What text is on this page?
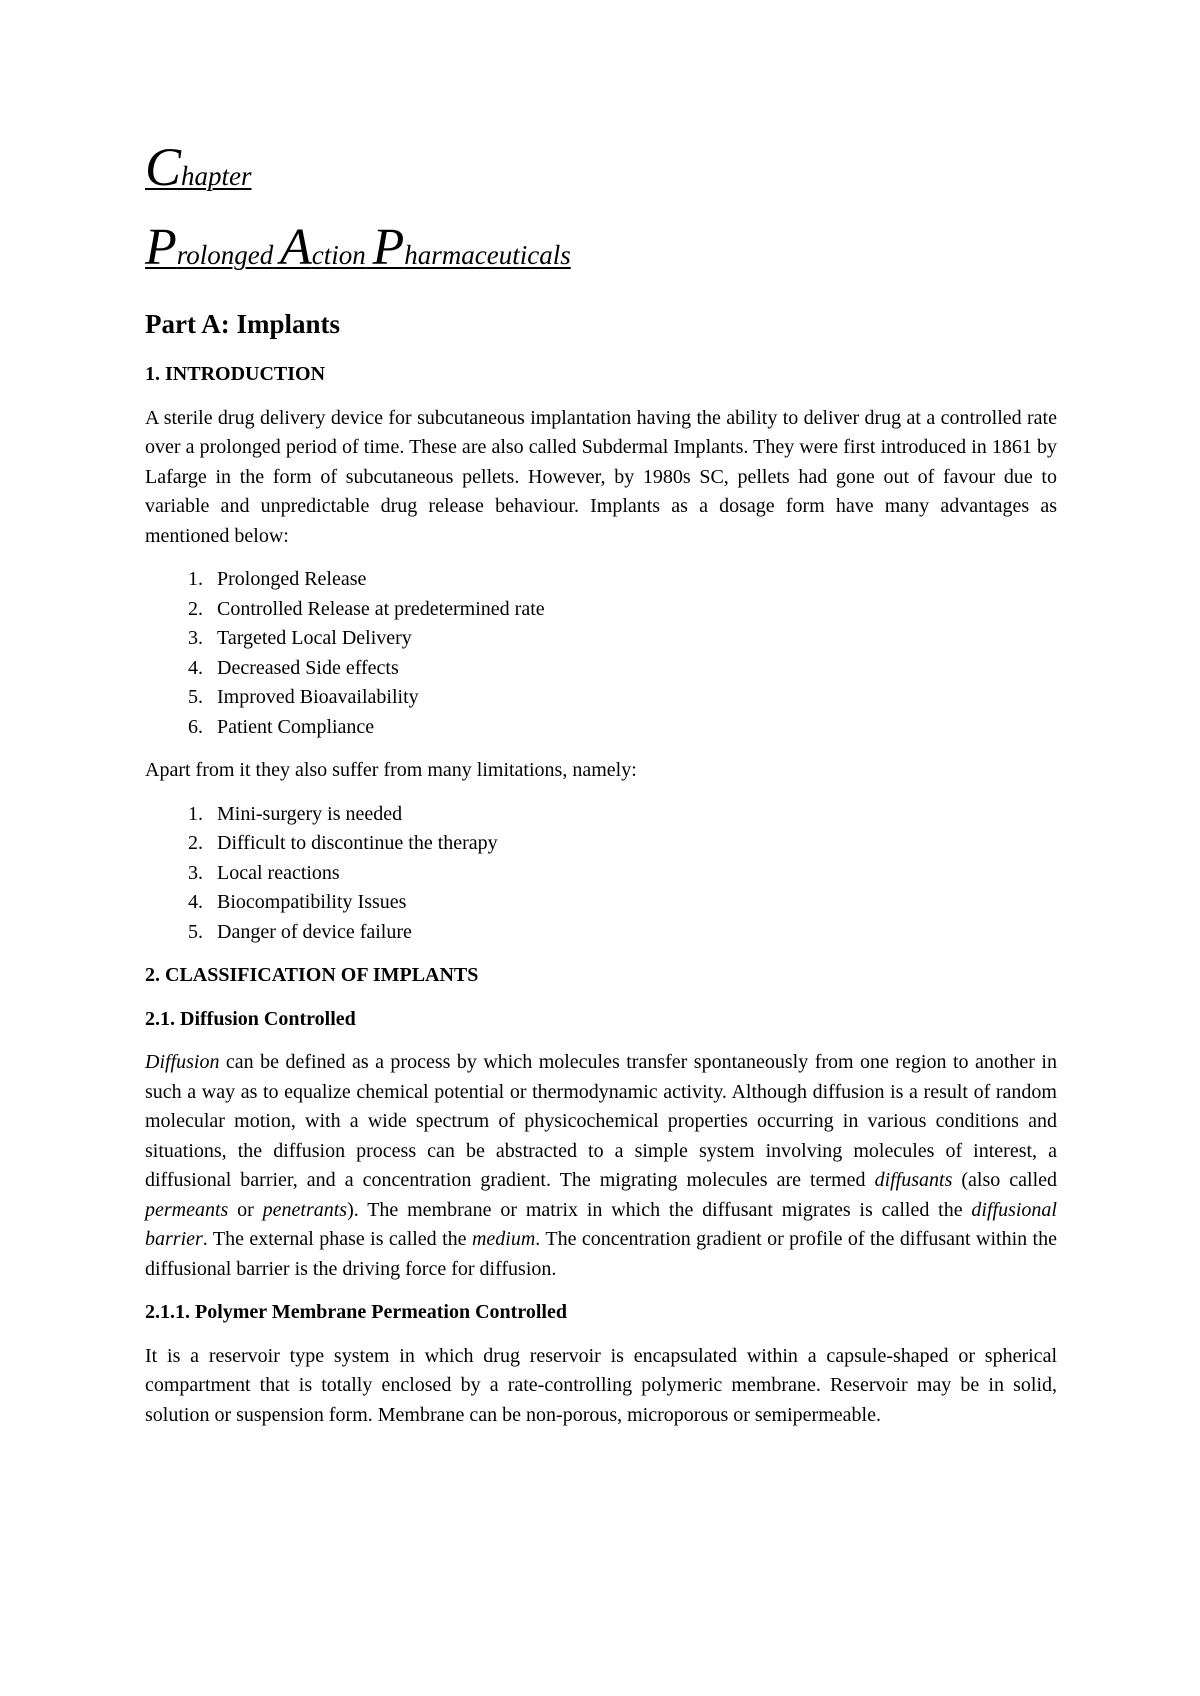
Chapter
Prolonged Action Pharmaceuticals
Part A: Implants
1. INTRODUCTION

A sterile drug delivery device for subcutaneous implantation having the ability to deliver drug at a controlled rate over a prolonged period of time. These are also called Subdermal Implants. They were first introduced in 1861 by Lafarge in the form of subcutaneous pellets. However, by 1980s SC, pellets had gone out of favour due to variable and unpredictable drug release behaviour. Implants as a dosage form have many advantages as mentioned below:

1. Prolonged Release
2. Controlled Release at predetermined rate
3. Targeted Local Delivery
4. Decreased Side effects
5. Improved Bioavailability
6. Patient Compliance

Apart from it they also suffer from many limitations, namely:

1. Mini-surgery is needed
2. Difficult to discontinue the therapy
3. Local reactions
4. Biocompatibility Issues
5. Danger of device failure
2. CLASSIFICATION OF IMPLANTS
2.1. Diffusion Controlled

Diffusion can be defined as a process by which molecules transfer spontaneously from one region to another in such a way as to equalize chemical potential or thermodynamic activity. Although diffusion is a result of random molecular motion, with a wide spectrum of physicochemical properties occurring in various conditions and situations, the diffusion process can be abstracted to a simple system involving molecules of interest, a diffusional barrier, and a concentration gradient. The migrating molecules are termed diffusants (also called permeants or penetrants). The membrane or matrix in which the diffusant migrates is called the diffusional barrier. The external phase is called the medium. The concentration gradient or profile of the diffusant within the diffusional barrier is the driving force for diffusion.

2.1.1. Polymer Membrane Permeation Controlled

It is a reservoir type system in which drug reservoir is encapsulated within a capsule-shaped or spherical compartment that is totally enclosed by a rate-controlling polymeric membrane. Reservoir may be in solid, solution or suspension form. Membrane can be non-porous, microporous or semipermeable.
